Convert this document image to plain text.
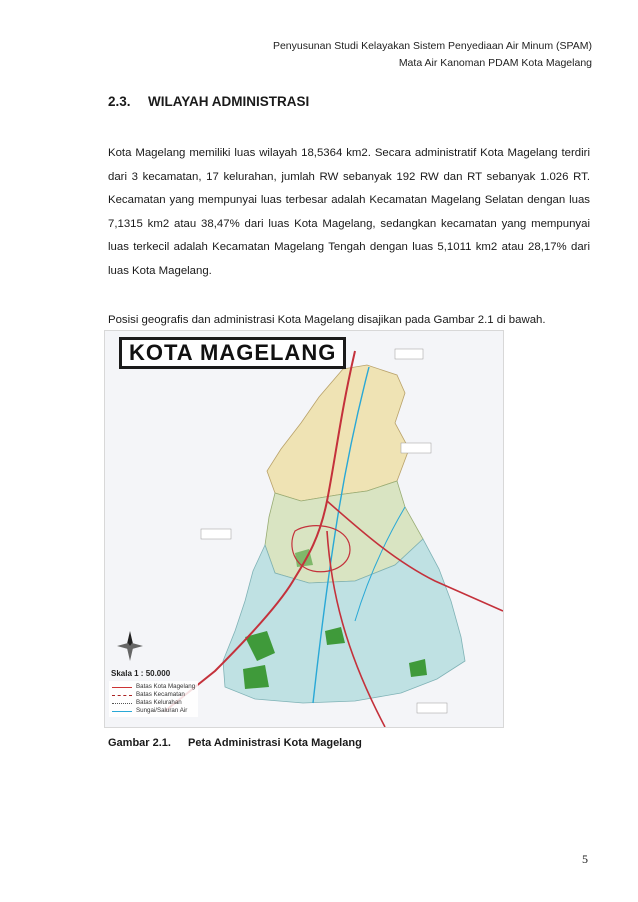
Penyusunan Studi Kelayakan Sistem Penyediaan Air Minum (SPAM)
Mata Air Kanoman PDAM Kota Magelang
2.3. WILAYAH ADMINISTRASI
Kota Magelang memiliki luas wilayah 18,5364 km2. Secara administratif Kota Magelang terdiri dari 3 kecamatan, 17 kelurahan, jumlah RW sebanyak 192 RW dan RT sebanyak 1.026 RT. Kecamatan yang mempunyai luas terbesar adalah Kecamatan Magelang Selatan dengan luas 7,1315 km2 atau 38,47% dari luas Kota Magelang, sedangkan kecamatan yang mempunyai luas terkecil adalah Kecamatan Magelang Tengah dengan luas 5,1011 km2 atau 28,17% dari luas Kota Magelang.
Posisi geografis dan administrasi Kota Magelang disajikan pada Gambar 2.1 di bawah.
KOTA MAGELANG
Skala 1 : 50.000
Batas Kota Magelang
Batas Kecamatan
Batas Kelurahan
Sungai/Saluran Air
Gambar 2.1. Peta Administrasi Kota Magelang
5
